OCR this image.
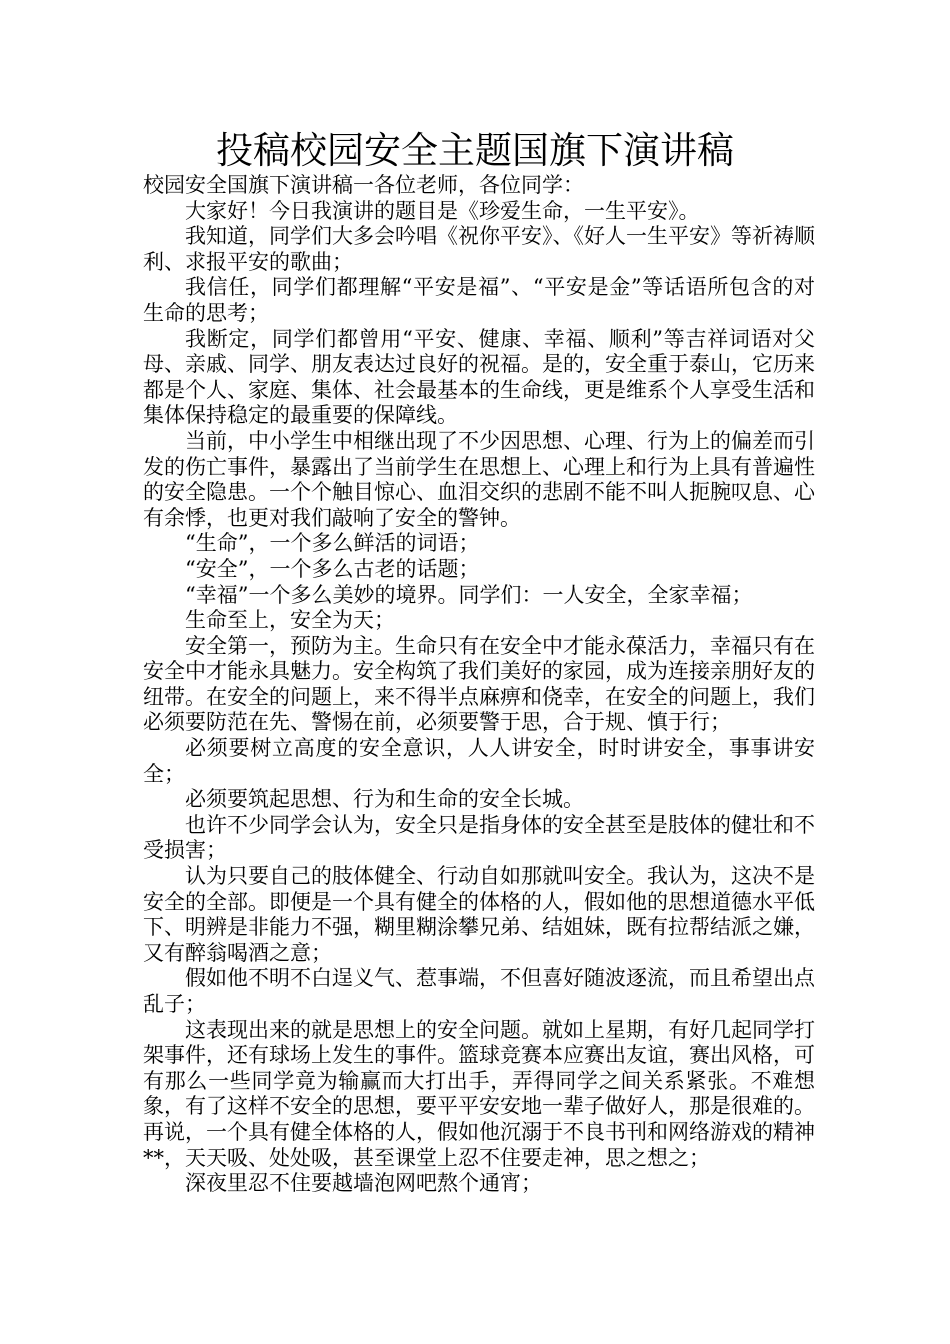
投稿校园安全主题国旗下演讲稿

校园安全国旗下演讲稿一各位老师，各位同学：

大家好！今日我演讲的题目是《珍爱生命，一生平安》。

我知道，同学们大多会吟唱《祝你平安》、《好人一生平安》等祈祷顺利、求报平安的歌曲；

我信任，同学们都理解“平安是福”、“平安是金”等话语所包含的对生命的思考；

我断定，同学们都曾用“平安、健康、幸福、顺利”等吉祥词语对父母、亲戚、同学、朋友表达过良好的祝福。是的，安全重于泰山，它历来都是个人、家庭、集体、社会最基本的生命线，更是维系个人享受生活和集体保持稳定的最重要的保障线。

当前，中小学生中相继出现了不少因思想、心理、行为上的偏差而引发的伤亡事件，暴露出了当前学生在思想上、心理上和行为上具有普遍性的安全隐患。一个个触目惊心、血泪交织的悲剧不能不叫人扼腕叹息、心有余悸，也更对我们敲响了安全的警钟。

“生命”，一个多么鲜活的词语；

“安全”，一个多么古老的话题；

“幸福”一个多么美妙的境界。同学们：一人安全，全家幸福；

生命至上，安全为天；

安全第一，预防为主。生命只有在安全中才能永葆活力，幸福只有在安全中才能永具魅力。安全构筑了我们美好的家园，成为连接亲朋好友的纽带。在安全的问题上，来不得半点麻痹和侥幸，在安全的问题上，我们必须要防范在先、警惕在前，必须要警于思，合于规、慎于行；

必须要树立高度的安全意识，人人讲安全，时时讲安全，事事讲安全；

必须要筑起思想、行为和生命的安全长城。

也许不少同学会认为，安全只是指身体的安全甚至是肢体的健壮和不受损害；

认为只要自己的肢体健全、行动自如那就叫安全。我认为，这决不是安全的全部。即便是一个具有健全的体格的人，假如他的思想道德水平低下、明辨是非能力不强，糊里糊涂攀兄弟、结姐妹，既有拉帮结派之嫌，又有醉翁喝酒之意；

假如他不明不白逞义气、惹事端，不但喜好随波逐流，而且希望出点乱子；

这表现出来的就是思想上的安全问题。就如上星期，有好几起同学打架事件，还有球场上发生的事件。篮球竞赛本应赛出友谊，赛出风格，可有那么一些同学竟为输赢而大打出手，弄得同学之间关系紧张。不难想象，有了这样不安全的思想，要平平安安地一辈子做好人，那是很难的。再说，一个具有健全体格的人，假如他沉溺于不良书刊和网络游戏的精神**，天天吸、处处吸，甚至课堂上忍不住要走神，思之想之；

深夜里忍不住要越墙泡网吧熬个通宵；
